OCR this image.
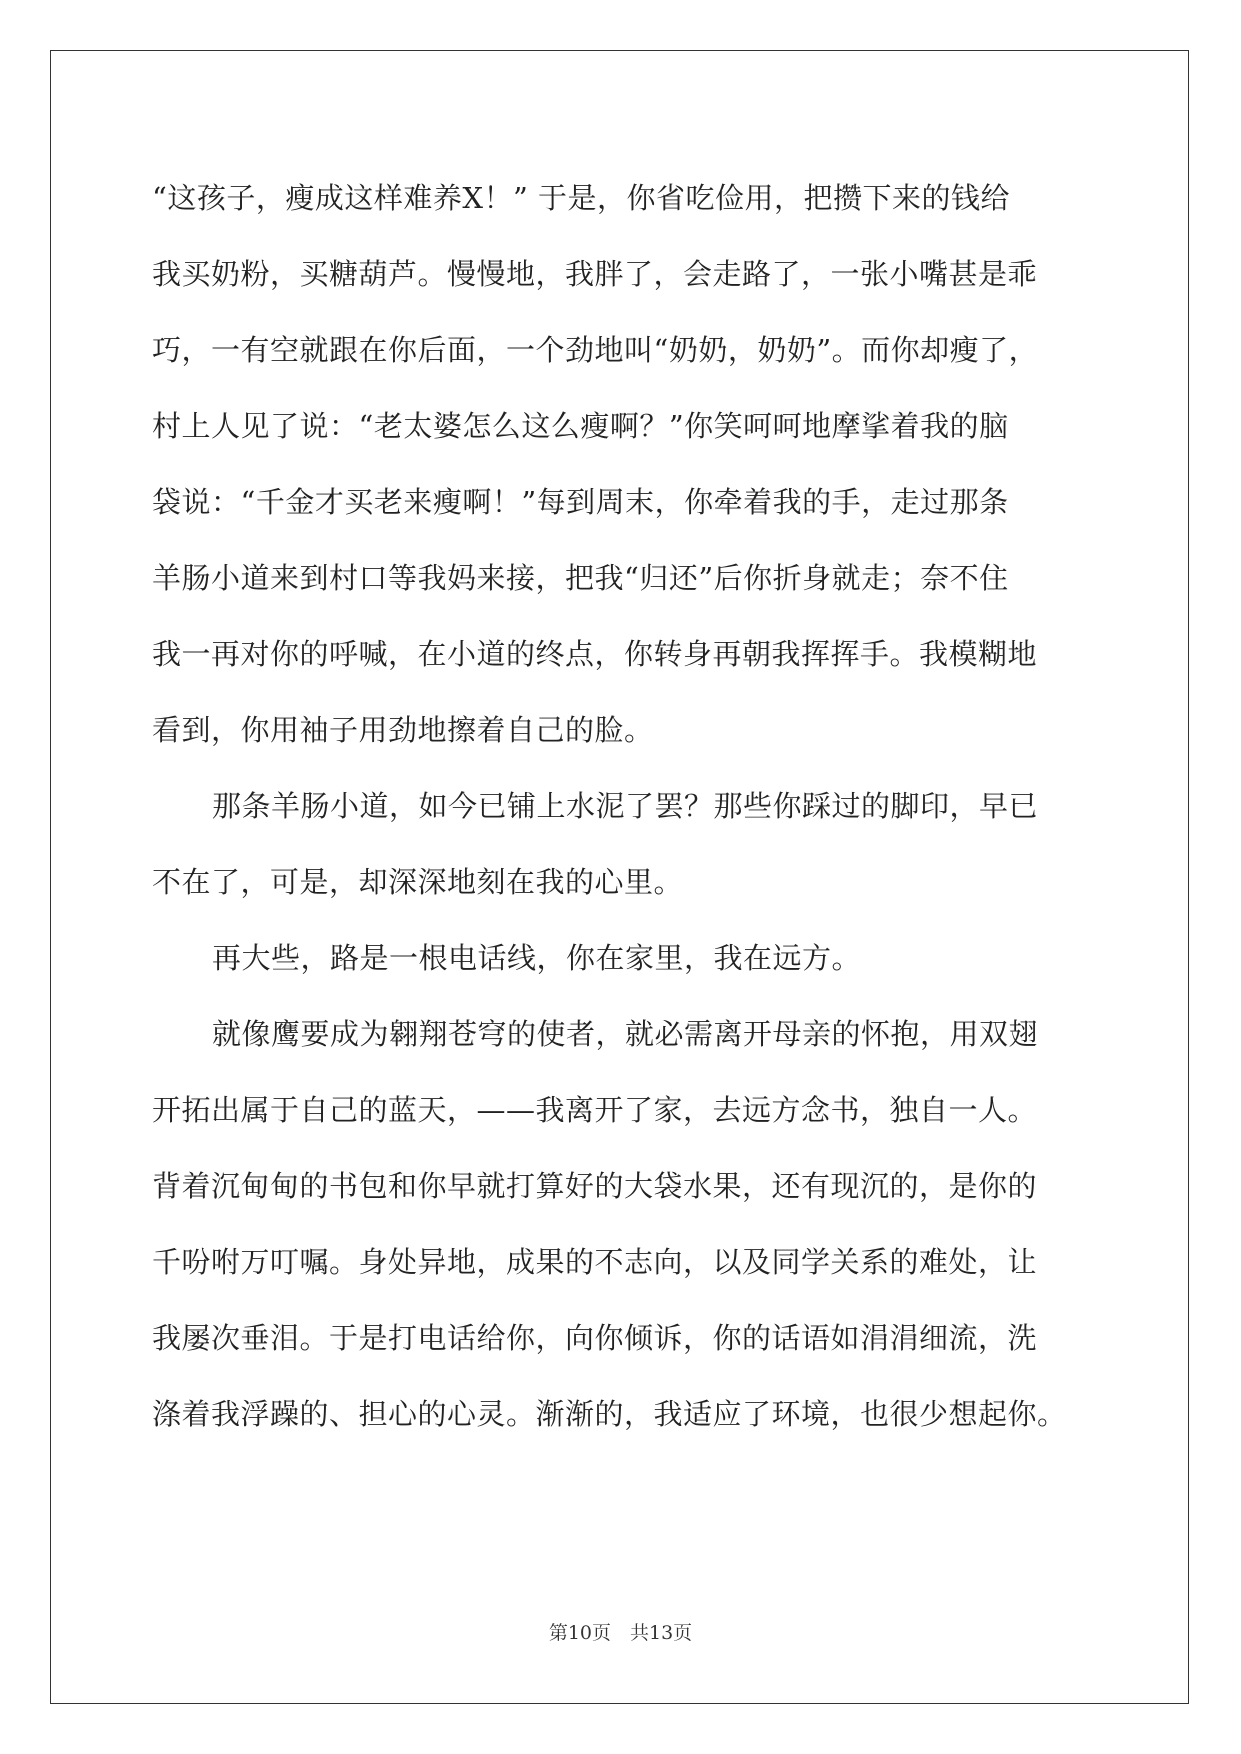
“这孩子，瘦成这样难养X！” 于是，你省吃俭用，把攒下来的钱给
我买奶粉，买糖葫芦。慢慢地，我胖了，会走路了，一张小嘴甚是乖
巧，一有空就跟在你后面，一个劲地叫“奶奶，奶奶”。而你却瘦了，
村上人见了说：“老太婆怎么这么瘦啊？”你笑呵呵地摩挲着我的脑
袋说：“千金才买老来瘦啊！”每到周末，你牵着我的手，走过那条
羊肠小道来到村口等我妈来接，把我“归还”后你折身就走；奈不住
我一再对你的呼喊，在小道的终点，你转身再朝我挥挥手。我模糊地
看到，你用袖子用劲地擦着自己的脸。
那条羊肠小道，如今已铺上水泥了罢？那些你踩过的脚印，早已
不在了，可是，却深深地刻在我的心里。
再大些，路是一根电话线，你在家里，我在远方。
就像鹰要成为翱翔苍穹的使者，就必需离开母亲的怀抱，用双翅
开拓出属于自己的蓝天，——我离开了家，去远方念书，独自一人。
背着沉甸甸的书包和你早就打算好的大袋水果，还有现沉的，是你的
千吩咐万叮嘱。身处异地，成果的不志向，以及同学关系的难处，让
我屡次垂泪。于是打电话给你，向你倾诉，你的话语如涓涓细流，洗
涤着我浮躁的、担心的心灵。渐渐的，我适应了环境，也很少想起你。
第10页　共13页
